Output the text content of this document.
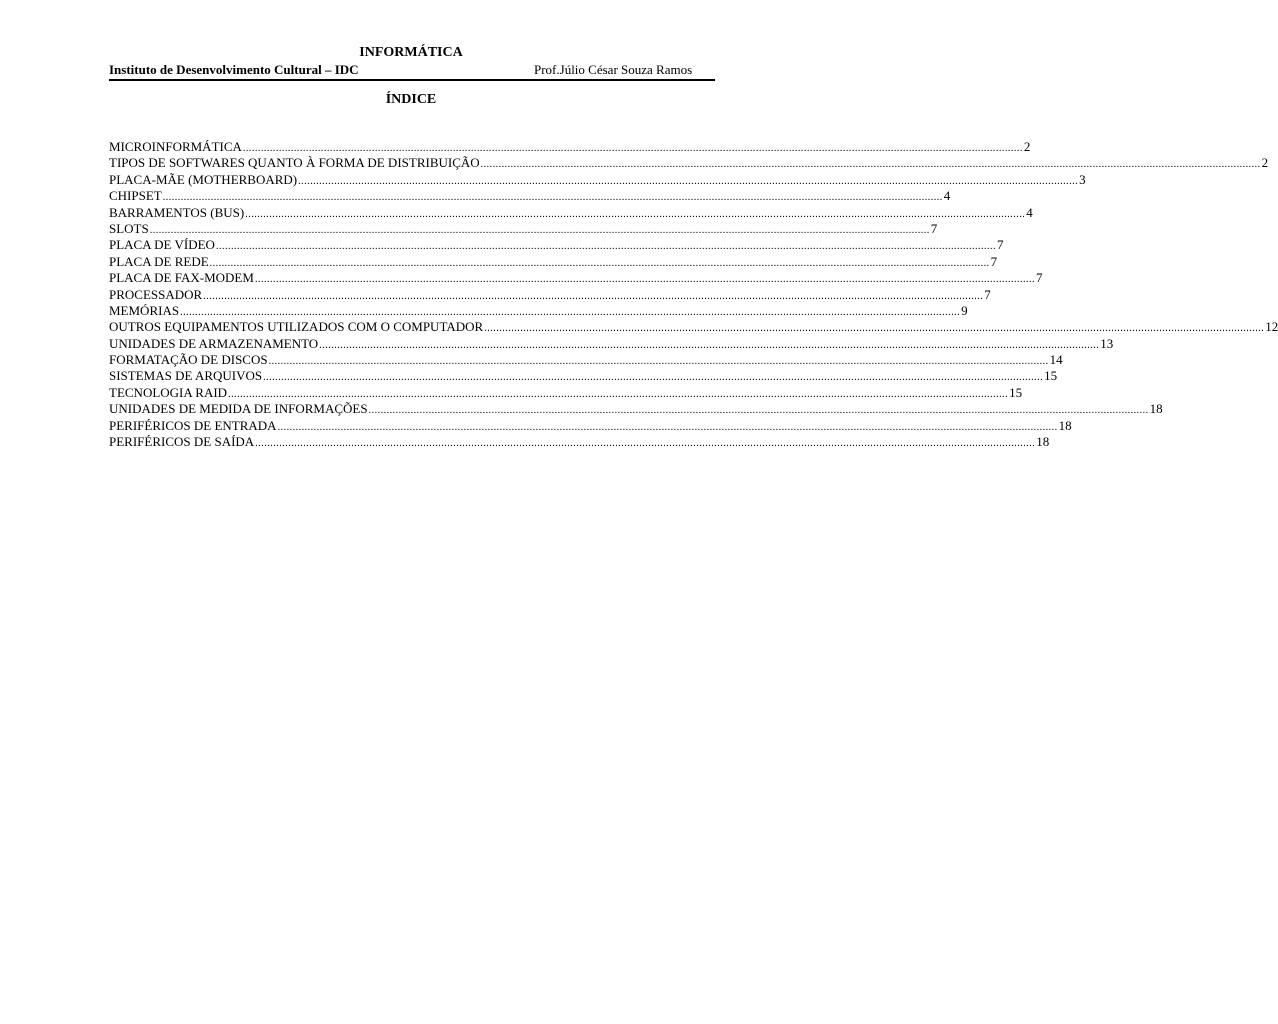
INFORMÁTICA
Instituto de Desenvolvimento Cultural – IDC	Prof.Júlio César Souza Ramos
ÍNDICE
MICROINFORMÁTICA .................................................................................................................................................................................................................................................................... 2
TIPOS DE SOFTWARES QUANTO À FORMA DE DISTRIBUIÇÃO .................................................................................................................................................................................................................................................................... 2
PLACA-MÃE (MOTHERBOARD) .................................................................................................................................................................................................................................................................... 3
CHIPSET .................................................................................................................................................................................................................................................................... 4
BARRAMENTOS (BUS) .................................................................................................................................................................................................................................................................... 4
SLOTS .................................................................................................................................................................................................................................................................... 7
PLACA DE VÍDEO .................................................................................................................................................................................................................................................................... 7
PLACA DE REDE .................................................................................................................................................................................................................................................................... 7
PLACA DE FAX-MODEM .................................................................................................................................................................................................................................................................... 7
PROCESSADOR .................................................................................................................................................................................................................................................................... 7
MEMÓRIAS .................................................................................................................................................................................................................................................................... 9
OUTROS EQUIPAMENTOS UTILIZADOS COM O COMPUTADOR .................................................................................................................................................................................................................................................................... 12
UNIDADES DE ARMAZENAMENTO .................................................................................................................................................................................................................................................................... 13
FORMATAÇÃO DE DISCOS .................................................................................................................................................................................................................................................................... 14
SISTEMAS DE ARQUIVOS .................................................................................................................................................................................................................................................................... 15
TECNOLOGIA RAID .................................................................................................................................................................................................................................................................... 15
UNIDADES DE MEDIDA DE INFORMAÇÕES .................................................................................................................................................................................................................................................................... 18
PERIFÉRICOS DE ENTRADA .................................................................................................................................................................................................................................................................... 18
PERIFÉRICOS DE SAÍDA .................................................................................................................................................................................................................................................................... 18
